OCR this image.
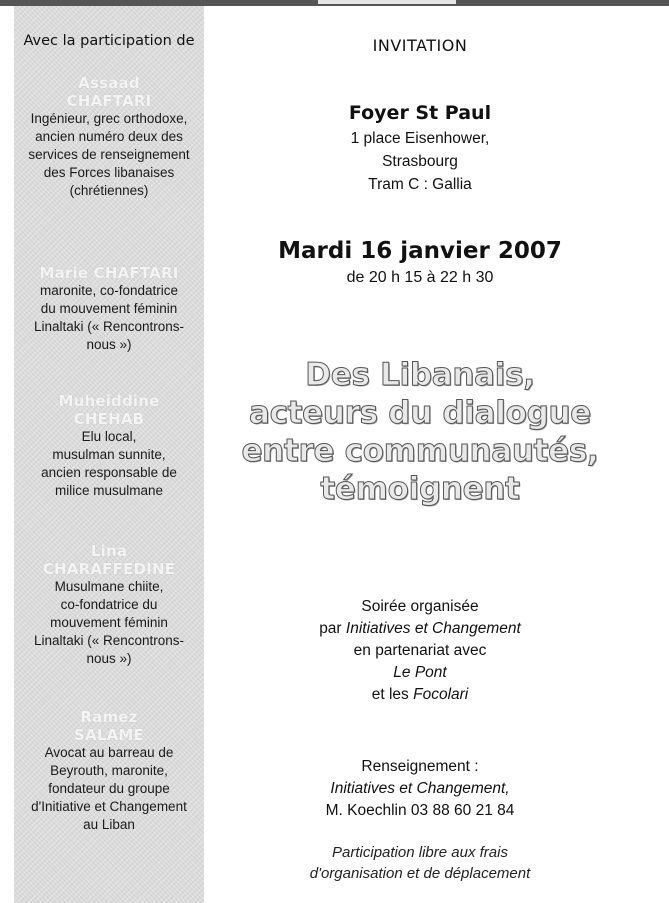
Avec la participation de
Assaad
CHAFTARI
Ingénieur, grec orthodoxe,
ancien numéro deux des
services de renseignement
des Forces libanaises
(chrétiennes)
Marie CHAFTARI
maronite, co-fondatrice
du mouvement féminin
Linaltaki (« Rencontrons-
nous »)
Muheiddine
CHEHAB
Elu local,
musulman sunnite,
ancien responsable de
milice musulmane
Lina
CHARAFFEDINE
Musulmane chiite,
co-fondatrice du
mouvement féminin
Linaltaki (« Rencontrons-
nous »)
Ramez
SALAME
Avocat au barreau de
Beyrouth, maronite,
fondateur du groupe
d'Initiative et Changement
au Liban
INVITATION
Foyer St Paul
1 place Eisenhower,
Strasbourg
Tram C : Gallia
Mardi 16 janvier 2007
de 20 h 15 à 22 h 30
Des Libanais,
acteurs du dialogue
entre communautés,
témoignent
Soirée organisée
par Initiatives et Changement
en partenariat avec
Le Pont
et les Focolari
Renseignement :
Initiatives et Changement,
M. Koechlin 03 88 60 21 84
Participation libre aux frais
d'organisation et de déplacement
